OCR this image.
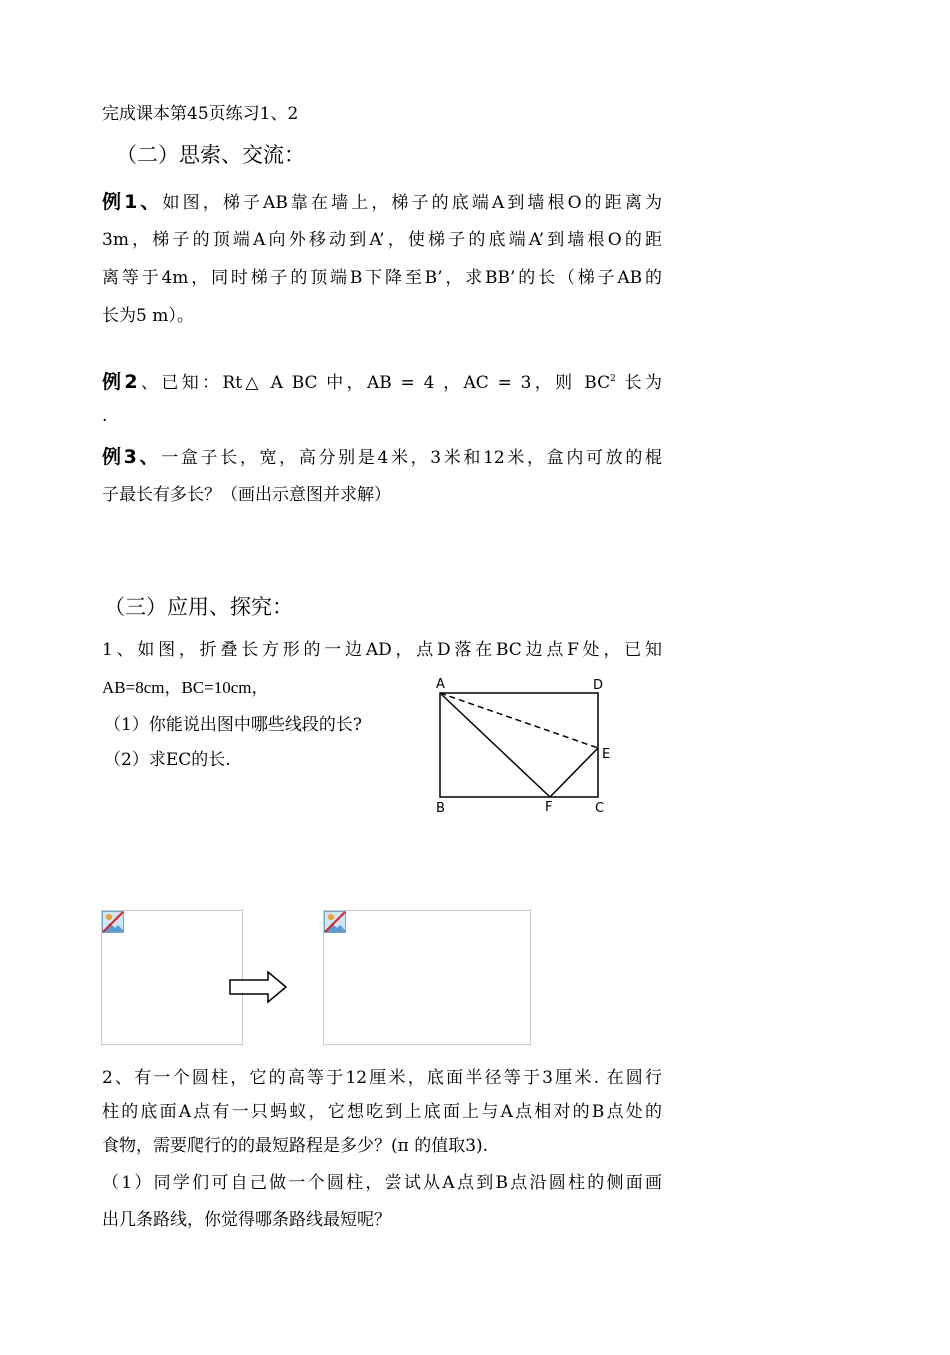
完成课本第45页练习1、2
（二）思索、交流：
例1、如图，梯子AB靠在墙上，梯子的底端A到墙根O的距离为
3m，梯子的顶端A向外移动到A’，使梯子的底端A’到墙根O的距
离等于4m，同时梯子的顶端B下降至B’，求BB’的长（梯子AB的
长为5 m）。
例2、已知：Rt△ A BC 中，AB = 4 ，AC = 3，则 $BC^2$ 长为
.
例3、一盒子长，宽，高分别是4米，3米和12米，盒内可放的棍
子最长有多长？（画出示意图并求解）
（三）应用、探究：
1、如图，折叠长方形的一边AD，点D落在BC边点F处，已知
AB=8cm，BC=10cm，
（1）你能说出图中哪些线段的长?
（2）求EC的长.
A	D
E
B	F	C
2、有一个圆柱，它的高等于12厘米，底面半径等于3厘米. 在圆行
柱的底面A点有一只蚂蚁，它想吃到上底面上与A点相对的B点处的
食物，需要爬行的的最短路程是多少？(π 的值取3).
（1）同学们可自己做一个圆柱，尝试从A点到B点沿圆柱的侧面画
出几条路线，你觉得哪条路线最短呢？
